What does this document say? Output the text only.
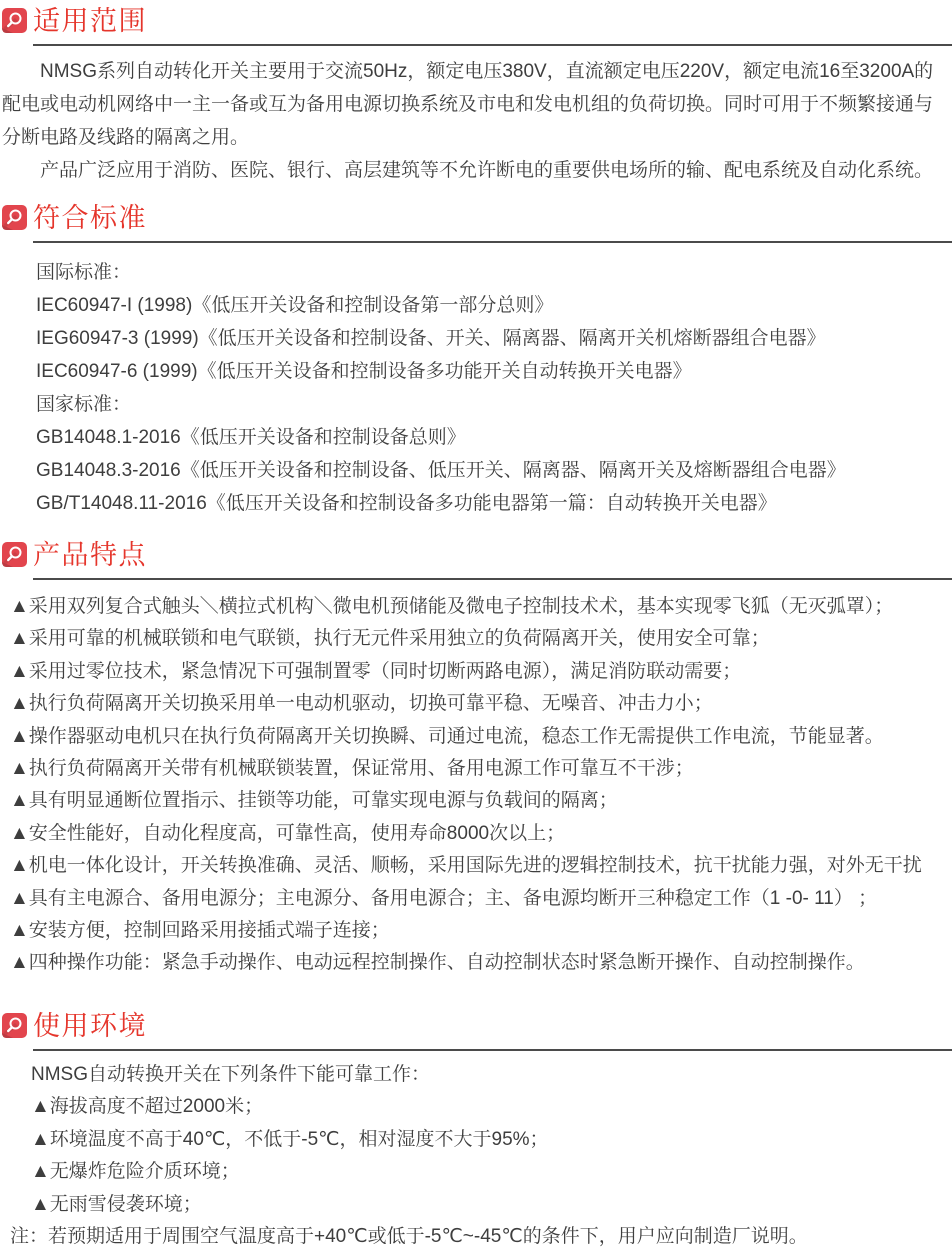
适用范围

NMSG系列自动转化开关主要用于交流50Hz，额定电压380V，直流额定电压220V，额定电流16至3200A的配电或电动机网络中一主一备或互为备用电源切换系统及市电和发电机组的负荷切换。同时可用于不频繁接通与分断电路及线路的隔离之用。

产品广泛应用于消防、医院、银行、高层建筑等不允许断电的重要供电场所的输、配电系统及自动化系统。

符合标准
国际标准：
IEC60947-I (1998)《低压开关设备和控制设备第一部分总则》
IEG60947-3 (1999)《低压开关设备和控制设备、开关、隔离器、隔离开关机熔断器组合电器》
IEC60947-6 (1999)《低压开关设备和控制设备多功能开关自动转换开关电器》
国家标准：
GB14048.1-2016《低压开关设备和控制设备总则》
GB14048.3-2016《低压开关设备和控制设备、低压开关、隔离器、隔离开关及熔断器组合电器》
GB/T14048.11-2016《低压开关设备和控制设备多功能电器第一篇：自动转换开关电器》
产品特点
▲采用双列复合式触头＼横拉式机构＼微电机预储能及微电子控制技术术，基本实现零飞狐（无灭弧罩）；
▲采用可靠的机械联锁和电气联锁，执行无元件采用独立的负荷隔离开关，使用安全可靠；
▲采用过零位技术，紧急情况下可强制置零（同时切断两路电源），满足消防联动需要；
▲执行负荷隔离开关切换采用单一电动机驱动，切换可靠平稳、无噪音、冲击力小；
▲操作器驱动电机只在执行负荷隔离开关切换瞬、司通过电流，稳态工作无需提供工作电流，节能显著。
▲执行负荷隔离开关带有机械联锁装置，保证常用、备用电源工作可靠互不干涉；
▲具有明显通断位置指示、挂锁等功能，可靠实现电源与负载间的隔离；
▲安全性能好，自动化程度高，可靠性高，使用寿命8000次以上；
▲机电一体化设计，开关转换准确、灵活、顺畅，采用国际先进的逻辑控制技术，抗干扰能力强，对外无干扰
▲具有主电源合、备用电源分；主电源分、备用电源合；主、备电源均断开三种稳定工作（1 -0- 11） ；
▲安装方便，控制回路采用接插式端子连接；
▲四种操作功能：紧急手动操作、电动远程控制操作、自动控制状态时紧急断开操作、自动控制操作。
使用环境
NMSG自动转换开关在下列条件下能可靠工作：
▲海拔高度不超过2000米；
▲环境温度不高于40℃，不低于-5℃，相对湿度不大于95%；
▲无爆炸危险介质环境；
▲无雨雪侵袭环境；
注：若预期适用于周围空气温度高于+40℃或低于-5℃~-45℃的条件下，用户应向制造厂说明。
